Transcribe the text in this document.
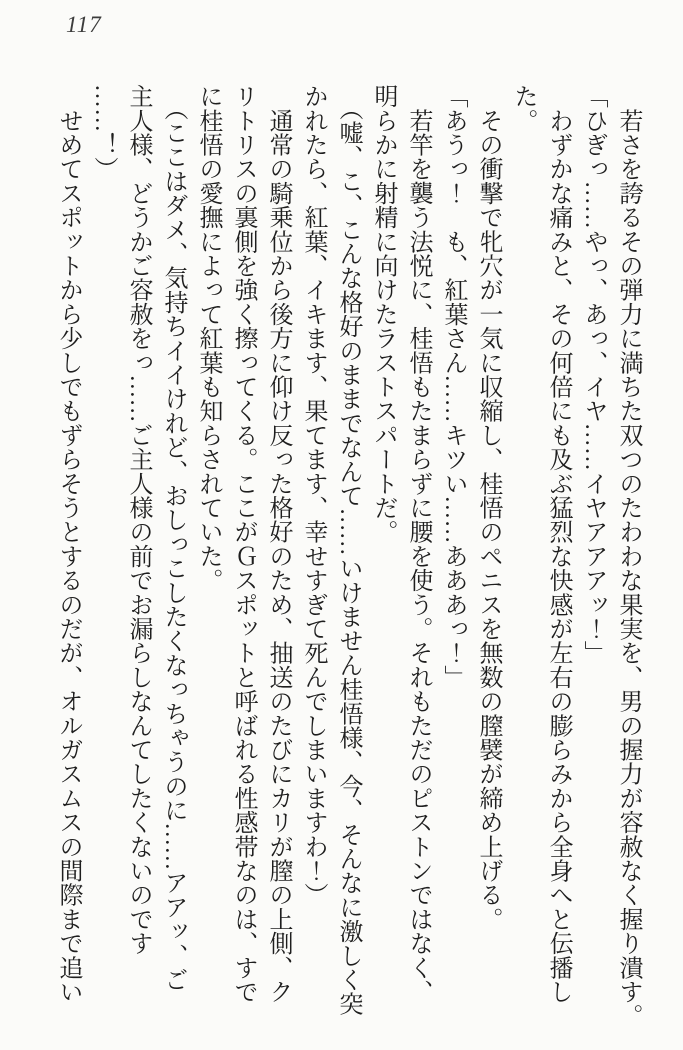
117

　若さを誇るその弾力に満ちた双つのたわわな果実を、男の握力が容赦なく握り潰す。

「ひぎっ……やっ、あっ、イヤ……イヤアアアッ！」

　わずかな痛みと、その何倍にも及ぶ猛烈な快感が左右の膨らみから全身へと伝播し

た。

　その衝撃で牝穴が一気に収縮し、桂悟のペニスを無数の膣襞が締め上げる。

「あうっ！　も、紅葉さん……キツい……あああっ！」

　若竿を襲う法悦に、桂悟もたまらずに腰を使う。それもただのピストンではなく、

明らかに射精に向けたラストスパートだ。

　（嘘、こ、こんな格好のままでなんて……いけません桂悟様、今、そんなに激しく突

かれたら、紅葉、イキます、果てます、幸せすぎて死んでしまいますわ！）

　通常の騎乗位から後方に仰け反った格好のため、抽送のたびにカリが膣の上側、ク

リトリスの裏側を強く擦ってくる。ここがＧスポットと呼ばれる性感帯なのは、すで

に桂悟の愛撫によって紅葉も知らされていた。

　（ここはダメ、気持ちイイけれど、おしっこしたくなっちゃうのに……アアッ、ご

主人様、どうかご容赦をっ……ご主人様の前でお漏らしなんてしたくないのです

……！）

　せめてスポットから少しでもずらそうとするのだが、オルガスムスの間際まで追い
